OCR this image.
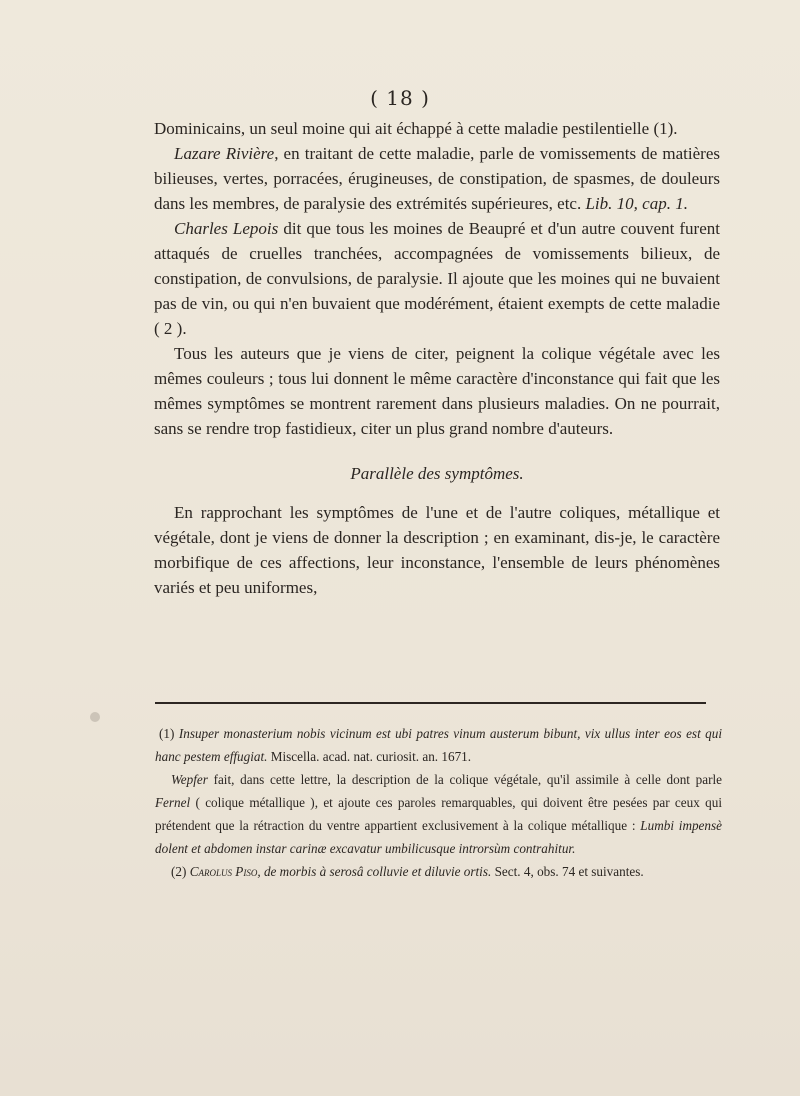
( 18 )

Dominicains, un seul moine qui ait échappé à cette maladie pestilentielle (1).

Lazare Rivière, en traitant de cette maladie, parle de vomissements de matières bilieuses, vertes, porracées, érugineuses, de constipation, de spasmes, de douleurs dans les membres, de paralysie des extrémités supérieures, etc. Lib. 10, cap. 1.

Charles Lepois dit que tous les moines de Beaupré et d'un autre couvent furent attaqués de cruelles tranchées, accompagnées de vomissements bilieux, de constipation, de convulsions, de paralysie. Il ajoute que les moines qui ne buvaient pas de vin, ou qui n'en buvaient que modérément, étaient exempts de cette maladie ( 2 ).

Tous les auteurs que je viens de citer, peignent la colique végétale avec les mêmes couleurs ; tous lui donnent le même caractère d'inconstance qui fait que les mêmes symptômes se montrent rarement dans plusieurs maladies. On ne pourrait, sans se rendre trop fastidieux, citer un plus grand nombre d'auteurs.

Parallèle des symptômes.

En rapprochant les symptômes de l'une et de l'autre coliques, métallique et végétale, dont je viens de donner la description ; en examinant, dis-je, le caractère morbifique de ces affections, leur inconstance, l'ensemble de leurs phénomènes variés et peu uniformes,

(1) Insuper monasterium nobis vicinum est ubi patres vinum austerum bibunt, vix ullus inter eos est qui hanc pestem effugiat. Miscella. acad. nat. curiosit. an. 1671.

Wepfer fait, dans cette lettre, la description de la colique végétale, qu'il assimile à celle dont parle Fernel ( colique métallique ), et ajoute ces paroles remarquables, qui doivent être pesées par ceux qui prétendent que la rétraction du ventre appartient exclusivement à la colique métallique : Lumbi impensè dolent et abdomen instar carinæ excavatur umbilicusque introrsùm contrahitur.

(2) Carolus Piso, de morbis à serosâ colluvie et diluvie ortis. Sect. 4, obs. 74 et suivantes.
